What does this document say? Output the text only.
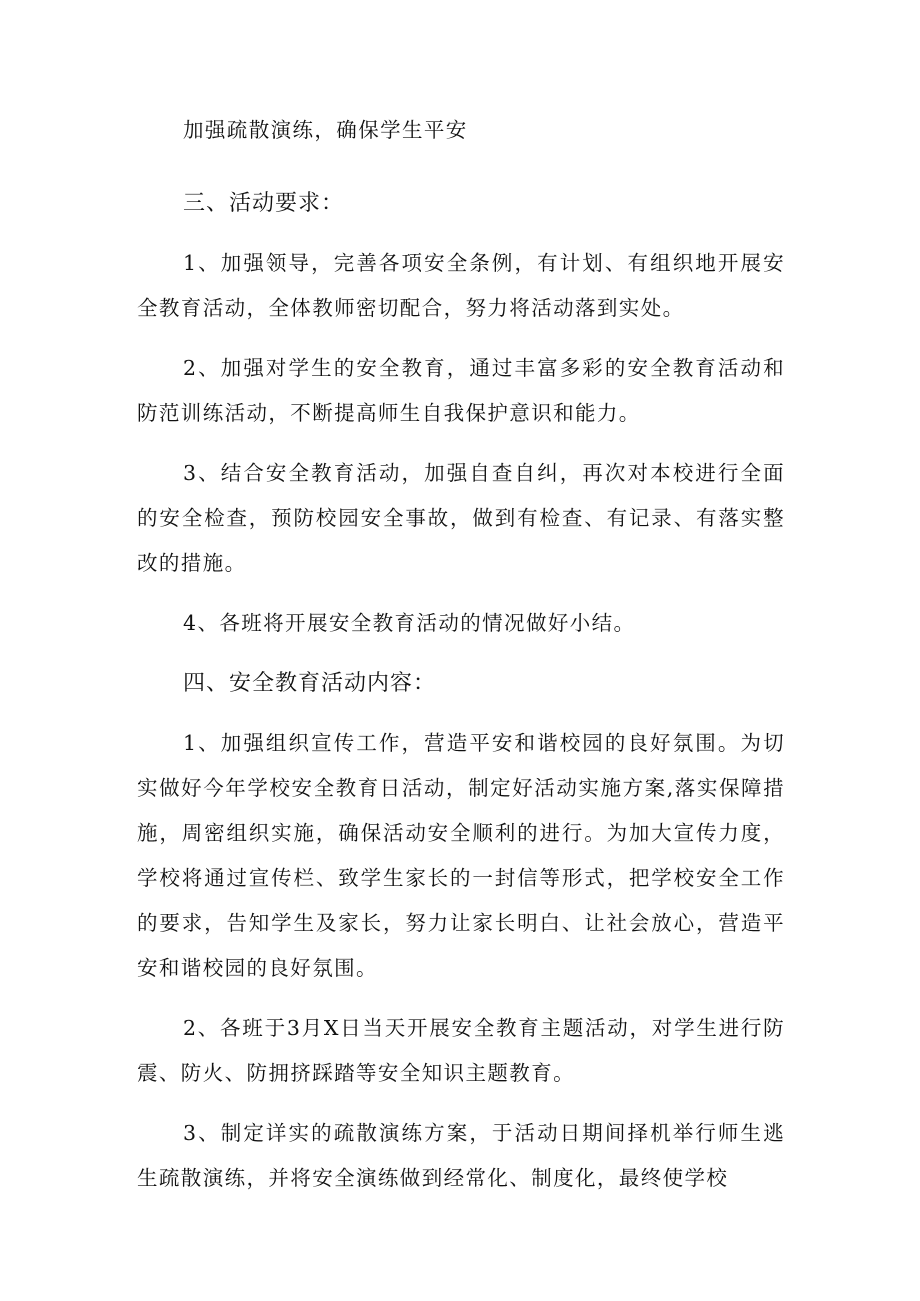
加强疏散演练，确保学生平安

三、活动要求：

1、加强领导，完善各项安全条例，有计划、有组织地开展安全教育活动，全体教师密切配合，努力将活动落到实处。

2、加强对学生的安全教育，通过丰富多彩的安全教育活动和防范训练活动，不断提高师生自我保护意识和能力。

3、结合安全教育活动，加强自查自纠，再次对本校进行全面的安全检查，预防校园安全事故，做到有检查、有记录、有落实整改的措施。

4、各班将开展安全教育活动的情况做好小结。

四、安全教育活动内容：

1、加强组织宣传工作，营造平安和谐校园的良好氛围。为切实做好今年学校安全教育日活动，制定好活动实施方案,落实保障措施，周密组织实施，确保活动安全顺利的进行。为加大宣传力度，学校将通过宣传栏、致学生家长的一封信等形式，把学校安全工作的要求，告知学生及家长，努力让家长明白、让社会放心，营造平安和谐校园的良好氛围。

2、各班于3月X日当天开展安全教育主题活动，对学生进行防震、防火、防拥挤踩踏等安全知识主题教育。

3、制定详实的疏散演练方案，于活动日期间择机举行师生逃生疏散演练，并将安全演练做到经常化、制度化，最终使学校
